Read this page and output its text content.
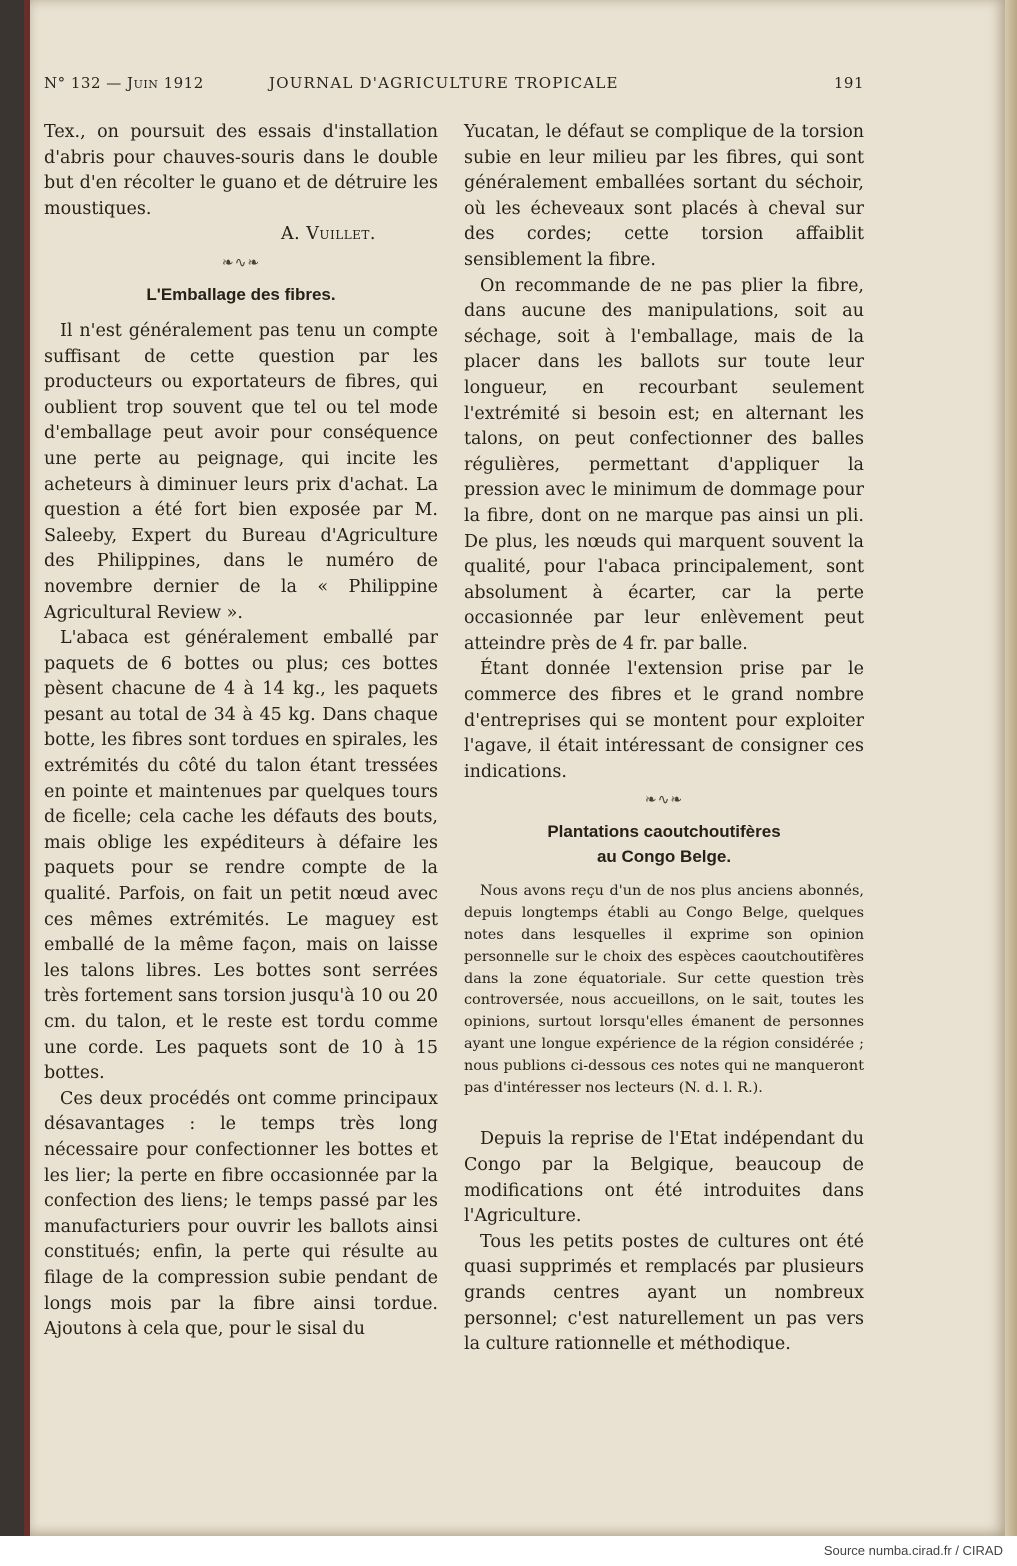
N° 132 — Juin 1912	JOURNAL D'AGRICULTURE TROPICALE	191

Tex., on poursuit des essais d'installation d'abris pour chauves-souris dans le double but d'en récolter le guano et de détruire les moustiques.

A. Vuillet.
❧∿❧
L'Emballage des fibres.

Il n'est généralement pas tenu un compte suffisant de cette question par les producteurs ou exportateurs de fibres, qui oublient trop souvent que tel ou tel mode d'emballage peut avoir pour conséquence une perte au peignage, qui incite les acheteurs à diminuer leurs prix d'achat. La question a été fort bien exposée par M. Saleeby, Expert du Bureau d'Agriculture des Philippines, dans le numéro de novembre dernier de la « Philippine Agricultural Review ».

L'abaca est généralement emballé par paquets de 6 bottes ou plus; ces bottes pèsent chacune de 4 à 14 kg., les paquets pesant au total de 34 à 45 kg. Dans chaque botte, les fibres sont tordues en spirales, les extrémités du côté du talon étant tressées en pointe et maintenues par quelques tours de ficelle; cela cache les défauts des bouts, mais oblige les expéditeurs à défaire les paquets pour se rendre compte de la qualité. Parfois, on fait un petit nœud avec ces mêmes extrémités. Le maguey est emballé de la même façon, mais on laisse les talons libres. Les bottes sont serrées très fortement sans torsion jusqu'à 10 ou 20 cm. du talon, et le reste est tordu comme une corde. Les paquets sont de 10 à 15 bottes.

Ces deux procédés ont comme principaux désavantages : le temps très long nécessaire pour confectionner les bottes et les lier; la perte en fibre occasionnée par la confection des liens; le temps passé par les manufacturiers pour ouvrir les ballots ainsi constitués; enfin, la perte qui résulte au filage de la compression subie pendant de longs mois par la fibre ainsi tordue. Ajoutons à cela que, pour le sisal du

Yucatan, le défaut se complique de la torsion subie en leur milieu par les fibres, qui sont généralement emballées sortant du séchoir, où les écheveaux sont placés à cheval sur des cordes; cette torsion affaiblit sensiblement la fibre.

On recommande de ne pas plier la fibre, dans aucune des manipulations, soit au séchage, soit à l'emballage, mais de la placer dans les ballots sur toute leur longueur, en recourbant seulement l'extrémité si besoin est; en alternant les talons, on peut confectionner des balles régulières, permettant d'appliquer la pression avec le minimum de dommage pour la fibre, dont on ne marque pas ainsi un pli. De plus, les nœuds qui marquent souvent la qualité, pour l'abaca principalement, sont absolument à écarter, car la perte occasionnée par leur enlèvement peut atteindre près de 4 fr. par balle.

Étant donnée l'extension prise par le commerce des fibres et le grand nombre d'entreprises qui se montent pour exploiter l'agave, il était intéressant de consigner ces indications.

❧∿❧
Plantations caoutchoutifères
au Congo Belge.

Nous avons reçu d'un de nos plus anciens abonnés, depuis longtemps établi au Congo Belge, quelques notes dans lesquelles il exprime son opinion personnelle sur le choix des espèces caoutchoutifères dans la zone équatoriale. Sur cette question très controversée, nous accueillons, on le sait, toutes les opinions, surtout lorsqu'elles émanent de personnes ayant une longue expérience de la région considérée ; nous publions ci-dessous ces notes qui ne manqueront pas d'intéresser nos lecteurs (N. d. l. R.).

Depuis la reprise de l'Etat indépendant du Congo par la Belgique, beaucoup de modifications ont été introduites dans l'Agriculture.

Tous les petits postes de cultures ont été quasi supprimés et remplacés par plusieurs grands centres ayant un nombreux personnel; c'est naturellement un pas vers la culture rationnelle et méthodique.

Source numba.cirad.fr / CIRAD
